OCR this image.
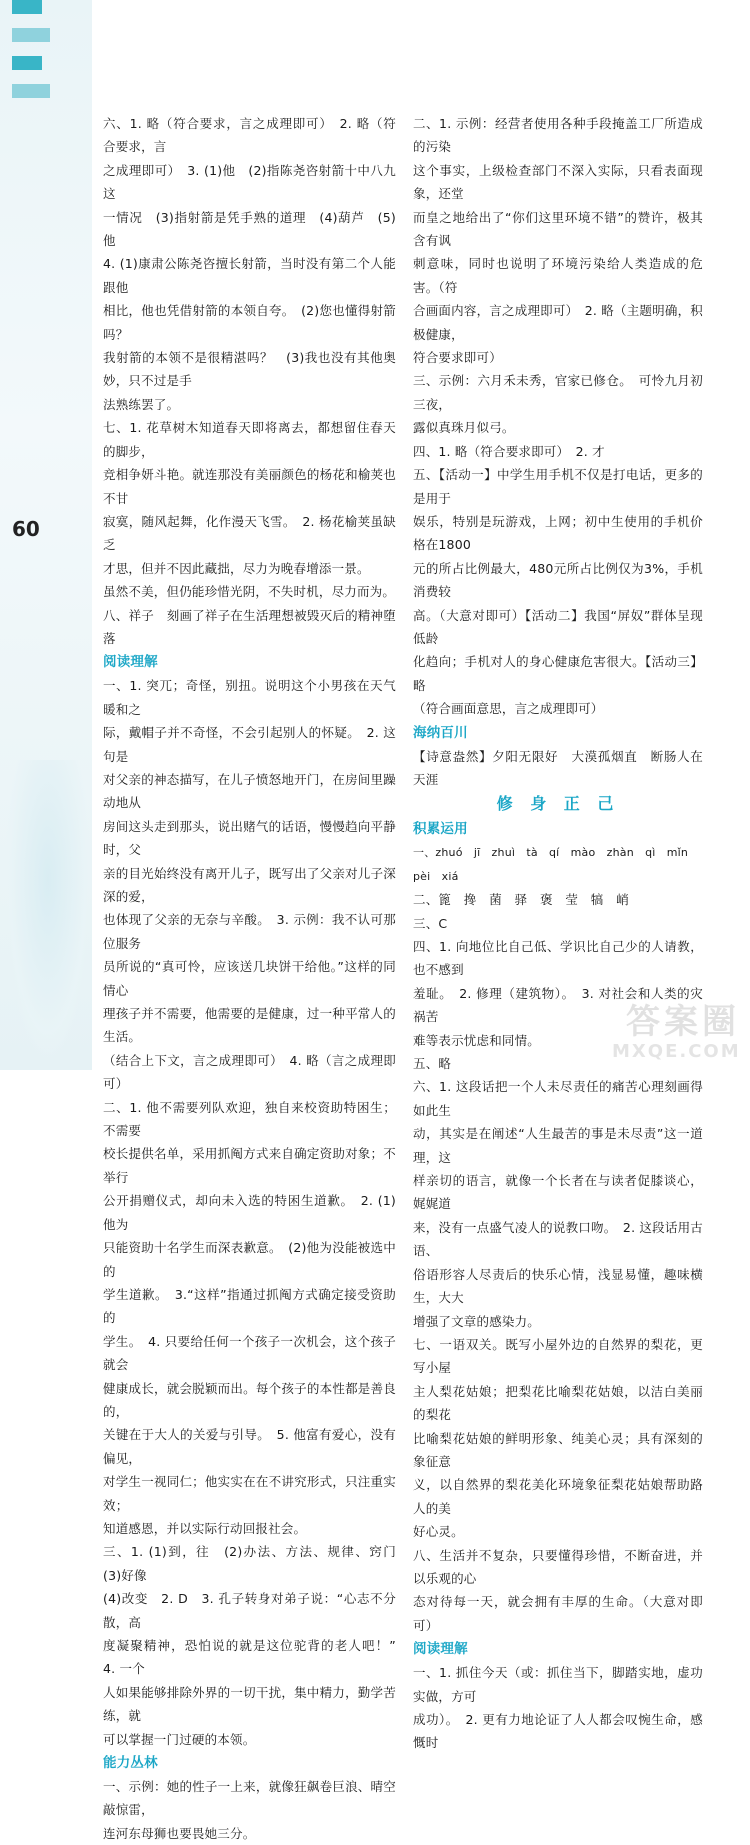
60

六、1. 略（符合要求，言之成理即可）　2. 略（符合要求，言

之成理即可）　3. (1)他　(2)指陈尧咨射箭十中八九这

一情况　(3)指射箭是凭手熟的道理　(4)葫芦　(5)他

4. (1)康肃公陈尧咨擅长射箭，当时没有第二个人能跟他

相比，他也凭借射箭的本领自夸。　(2)您也懂得射箭吗？

我射箭的本领不是很精湛吗？　(3)我也没有其他奥妙，只不过是手

法熟练罢了。

七、1. 花草树木知道春天即将离去，都想留住春天的脚步，

竞相争妍斗艳。就连那没有美丽颜色的杨花和榆荚也不甘

寂寞，随风起舞，化作漫天飞雪。　2. 杨花榆荚虽缺乏

才思，但并不因此藏拙，尽力为晚春增添一景。

虽然不美，但仍能珍惜光阴，不失时机，尽力而为。

八、祥子　刻画了祥子在生活理想被毁灭后的精神堕落

阅读理解

一、1. 突兀；奇怪，别扭。说明这个小男孩在天气暖和之

际，戴帽子并不奇怪，不会引起别人的怀疑。　2. 这句是

对父亲的神态描写，在儿子愤怒地开门，在房间里躁动地从

房间这头走到那头，说出赌气的话语，慢慢趋向平静时，父

亲的目光始终没有离开儿子，既写出了父亲对儿子深深的爱，

也体现了父亲的无奈与辛酸。　3. 示例：我不认可那位服务

员所说的“真可怜，应该送几块饼干给他。”这样的同情心

理孩子并不需要，他需要的是健康，过一种平常人的生活。

（结合上下文，言之成理即可）　4. 略（言之成理即可）

二、1. 他不需要列队欢迎，独自来校资助特困生；不需要

校长提供名单，采用抓阄方式来自确定资助对象；不举行

公开捐赠仪式，却向未入选的特困生道歉。　2. (1)他为

只能资助十名学生而深表歉意。　(2)他为没能被选中的

学生道歉。　3.“这样”指通过抓阄方式确定接受资助的

学生。　4. 只要给任何一个孩子一次机会，这个孩子就会

健康成长，就会脱颖而出。每个孩子的本性都是善良的，

关键在于大人的关爱与引导。　5. 他富有爱心，没有偏见，

对学生一视同仁；他实实在在不讲究形式，只注重实效；

知道感恩，并以实际行动回报社会。

三、1. (1)到，往　(2)办法、方法、规律、窍门　(3)好像

(4)改变　2. D　3. 孔子转身对弟子说：“心志不分散，高

度凝聚精神，恐怕说的就是这位驼背的老人吧！”　4. 一个

人如果能够排除外界的一切干扰，集中精力，勤学苦练，就

可以掌握一门过硬的本领。

能力丛林

一、示例：她的性子一上来，就像狂飙卷巨浪、晴空敲惊雷，

连河东母狮也要畏她三分。

二、1. 示例：经营者使用各种手段掩盖工厂所造成的污染

这个事实，上级检查部门不深入实际，只看表面现象，还堂

而皇之地给出了“你们这里环境不错”的赞许，极其含有讽

刺意味，同时也说明了环境污染给人类造成的危害。（符

合画面内容，言之成理即可）　2. 略（主题明确，积极健康，

符合要求即可）

三、示例：六月禾未秀，官家已修仓。　可怜九月初三夜，

露似真珠月似弓。

四、1. 略（符合要求即可）　2. 才

五、【活动一】中学生用手机不仅是打电话，更多的是用于

娱乐，特别是玩游戏，上网；初中生使用的手机价格在1800

元的所占比例最大，480元所占比例仅为3%，手机消费较

高。（大意对即可）【活动二】我国“屏奴”群体呈现低龄

化趋向；手机对人的身心健康危害很大。【活动三】略

（符合画面意思，言之成理即可）

海纳百川

【诗意盎然】夕阳无限好　大漠孤烟直　断肠人在天涯

修 身 正 己
积累运用

一、zhuó　jī　zhuì　tà　qí　mào　zhàn　qì　mǐn

pèi　xiá

二、篦　搀　菌　驿　褒　莹　犒　峭

三、C

四、1. 向地位比自己低、学识比自己少的人请教，也不感到

羞耻。　2. 修理（建筑物）。　3. 对社会和人类的灾祸苦

难等表示忧虑和同情。

五、略

六、1. 这段话把一个人未尽责任的痛苦心理刻画得如此生

动，其实是在阐述“人生最苦的事是未尽责”这一道理，这

样亲切的语言，就像一个长者在与读者促膝谈心，娓娓道

来，没有一点盛气凌人的说教口吻。　2. 这段话用古语、

俗语形容人尽责后的快乐心情，浅显易懂，趣味横生，大大

增强了文章的感染力。

七、一语双关。既写小屋外边的自然界的梨花，更写小屋

主人梨花姑娘；把梨花比喻梨花姑娘，以洁白美丽的梨花

比喻梨花姑娘的鲜明形象、纯美心灵；具有深刻的象征意

义，以自然界的梨花美化环境象征梨花姑娘帮助路人的美

好心灵。

八、生活并不复杂，只要懂得珍惜，不断奋进，并以乐观的心

态对待每一天，就会拥有丰厚的生命。（大意对即可）

阅读理解

一、1. 抓住今天（或：抓住当下，脚踏实地，虚功实做，方可

成功）。　2. 更有力地论证了人人都会叹惋生命，感慨时

答案圈
MXQE.COM
